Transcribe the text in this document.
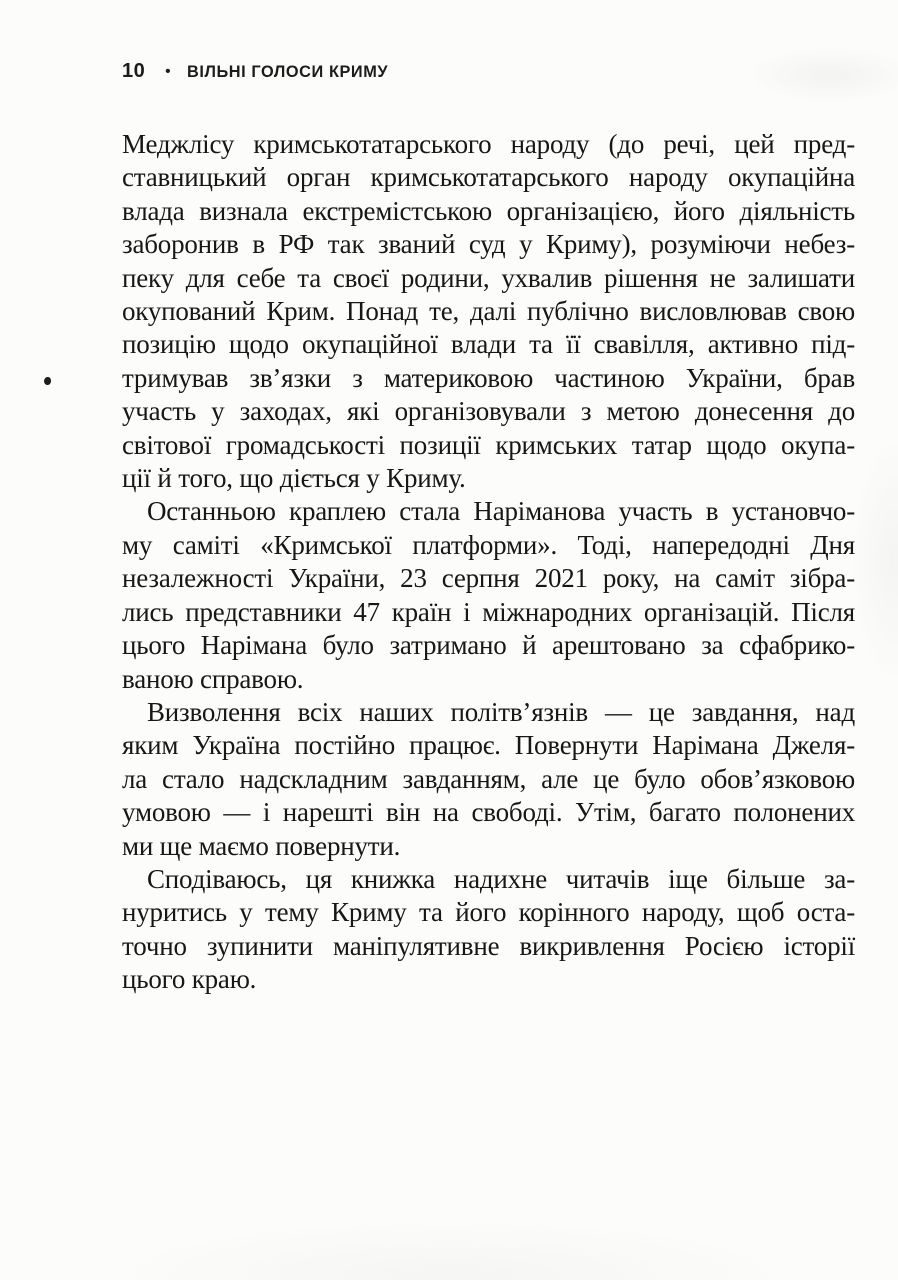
10 • ВІЛЬНІ ГОЛОСИ КРИМУ
Меджлісу кримськотатарського народу (до речі, цей пред-
ставницький орган кримськотатарського народу окупаційна
влада визнала екстремістською організацією, його діяльність
заборонив в РФ так званий суд у Криму), розуміючи небез-
пеку для себе та своєї родини, ухвалив рішення не залишати
окупований Крим. Понад те, далі публічно висловлював свою
позицію щодо окупаційної влади та її свавілля, активно під-
тримував зв’язки з материковою частиною України, брав
участь у заходах, які організовували з метою донесення до
світової громадськості позиції кримських татар щодо окупа-
ції й того, що діється у Криму.
Останньою краплею стала Наріманова участь в установчо-
му саміті «Кримської платформи». Тоді, напередодні Дня
незалежності України, 23 серпня 2021 року, на саміт зібра-
лись представники 47 країн і міжнародних організацій. Після
цього Нарімана було затримано й арештовано за сфабрико-
ваною справою.
Визволення всіх наших політв’язнів — це завдання, над
яким Україна постійно працює. Повернути Нарімана Джеля-
ла стало надскладним завданням, але це було обов’язковою
умовою — і нарешті він на свободі. Утім, багато полонених
ми ще маємо повернути.
Сподіваюсь, ця книжка надихне читачів іще більше за-
нуритись у тему Криму та його корінного народу, щоб оста-
точно зупинити маніпулятивне викривлення Росією історії
цього краю.
